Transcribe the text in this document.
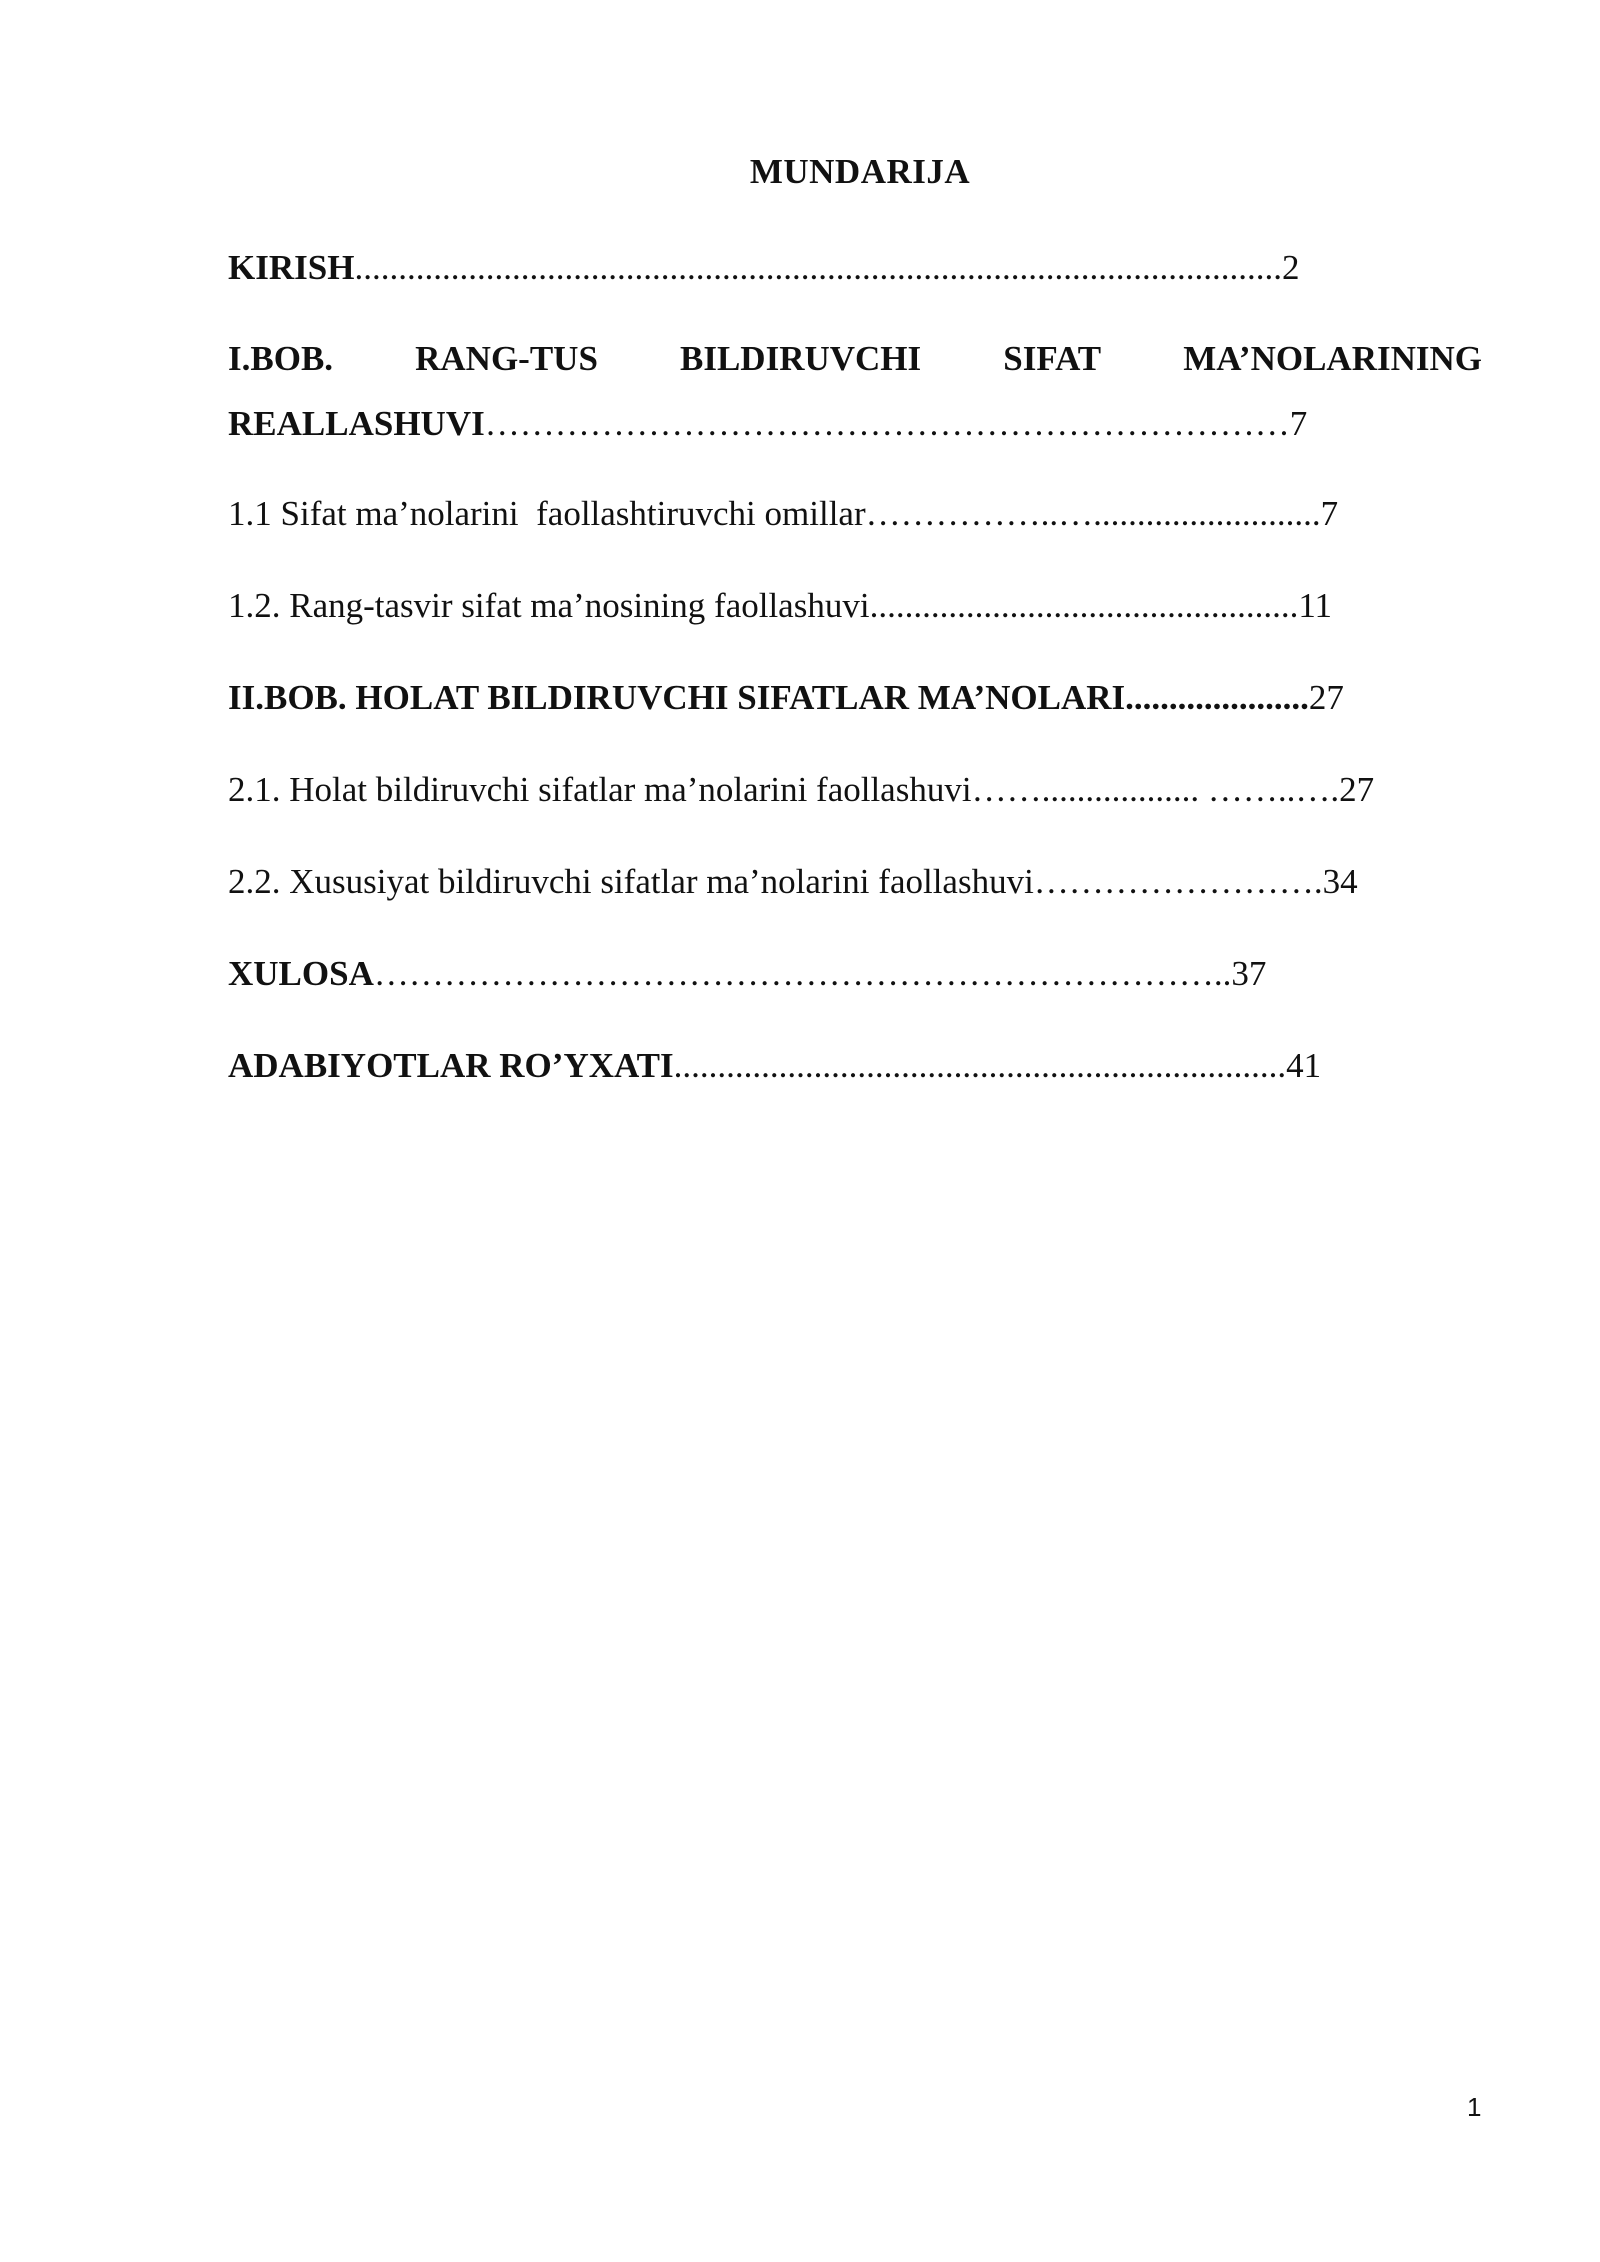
MUNDARIJA
KIRISH..........................................................................................................2
I.BOB. RANG-TUS BILDIRUVCHI SIFAT MA’NOLARINING
REALLASHUVI……………………………………………………………7
1.1 Sifat ma’nolarini  faollashtiruvchi omillar……………..…..........................7
1.2. Rang-tasvir sifat ma’nosining faollashuvi.................................................11
II.BOB. HOLAT BILDIRUVCHI SIFATLAR MA’NOLARI.....................27
2.1. Holat bildiruvchi sifatlar ma’nolarini faollashuvi…….................. ……..….27
2.2. Xususiyat bildiruvchi sifatlar ma’nolarini faollashuvi…………………….34
XULOSA………………………………………………………………..37
ADABIYOTLAR RO’YXATI......................................................................41
1
